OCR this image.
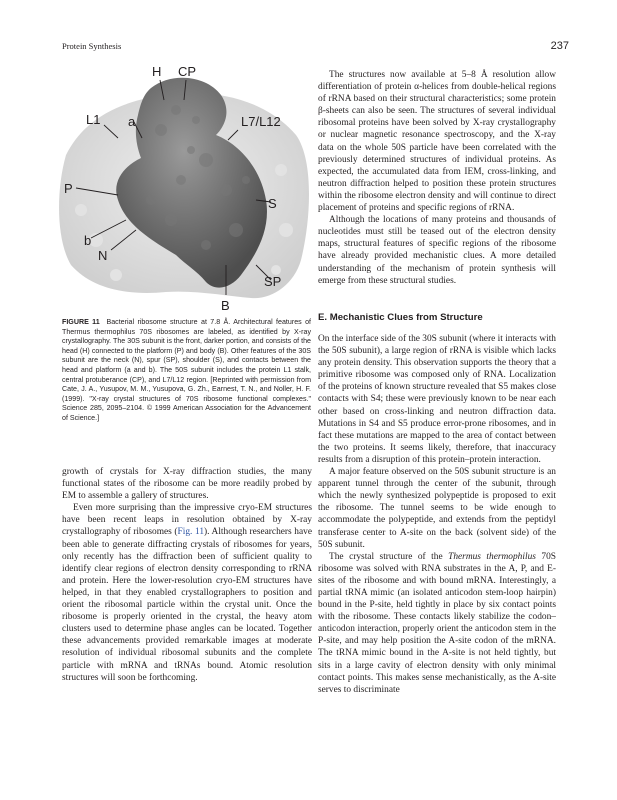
Protein Synthesis	237
H CP
L1 a	L7/L12
P
S
b
N
SP
B
FIGURE 11 Bacterial ribosome structure at 7.8 Å. Architectural features of Thermus thermophilus 70S ribosomes are labeled, as identified by X-ray crystallography. The 30S subunit is the front, darker portion, and consists of the head (H) connected to the platform (P) and body (B). Other features of the 30S subunit are the neck (N), spur (SP), shoulder (S), and contacts between the head and platform (a and b). The 50S subunit includes the protein L1 stalk, central protuberance (CP), and L7/L12 region. [Reprinted with permission from Cate, J. A., Yusupov, M. M., Yusupova, G. Zh., Earnest, T. N., and Noller, H. F. (1999). "X-ray crystal structures of 70S ribosome functional complexes." Science 285, 2095–2104. © 1999 American Association for the Advancement of Science.]

growth of crystals for X-ray diffraction studies, the many functional states of the ribosome can be more readily probed by EM to assemble a gallery of structures.

Even more surprising than the impressive cryo-EM structures have been recent leaps in resolution obtained by X-ray crystallography of ribosomes (Fig. 11). Although researchers have been able to generate diffracting crystals of ribosomes for years, only recently has the diffraction been of sufficient quality to identify clear regions of electron density corresponding to rRNA and protein. Here the lower-resolution cryo-EM structures have helped, in that they enabled crystallographers to position and orient the ribosomal particle within the crystal unit. Once the ribosome is properly oriented in the crystal, the heavy atom clusters used to determine phase angles can be located. Together these advancements provided remarkable images at moderate resolution of individual ribosomal subunits and the complete particle with mRNA and tRNAs bound. Atomic resolution structures will soon be forthcoming.

The structures now available at 5–8 Å resolution allow differentiation of protein α-helices from double-helical regions of rRNA based on their structural characteristics; some protein β-sheets can also be seen. The structures of several individual ribosomal proteins have been solved by X-ray crystallography or nuclear magnetic resonance spectroscopy, and the X-ray data on the whole 50S particle have been correlated with the previously determined structures of individual proteins. As expected, the accumulated data from IEM, cross-linking, and neutron diffraction helped to position these protein structures within the ribosome electron density and will continue to direct placement of proteins and specific regions of rRNA.

Although the locations of many proteins and thousands of nucleotides must still be teased out of the electron density maps, structural features of specific regions of the ribosome have already provided mechanistic clues. A more detailed understanding of the mechanism of protein synthesis will emerge from these structural studies.

E. Mechanistic Clues from Structure

On the interface side of the 30S subunit (where it interacts with the 50S subunit), a large region of rRNA is visible which lacks any protein density. This observation supports the theory that a primitive ribosome was composed only of RNA. Localization of the proteins of known structure revealed that S5 makes close contacts with S4; these were previously known to be near each other based on cross-linking and neutron diffraction data. Mutations in S4 and S5 produce error-prone ribosomes, and in fact these mutations are mapped to the area of contact between the two proteins. It seems likely, therefore, that inaccuracy results from a disruption of this protein–protein interaction.

A major feature observed on the 50S subunit structure is an apparent tunnel through the center of the subunit, through which the newly synthesized polypeptide is proposed to exit the ribosome. The tunnel seems to be wide enough to accommodate the polypeptide, and extends from the peptidyl transferase center to A-site on the back (solvent side) of the 50S subunit.

The crystal structure of the Thermus thermophilus 70S ribosome was solved with RNA substrates in the A, P, and E-sites of the ribosome and with bound mRNA. Interestingly, a partial tRNA mimic (an isolated anticodon stem-loop hairpin) bound in the P-site, held tightly in place by six contact points with the ribosome. These contacts likely stabilize the codon–anticodon interaction, properly orient the anticodon stem in the P-site, and may help position the A-site codon of the mRNA. The tRNA mimic bound in the A-site is not held tightly, but sits in a large cavity of electron density with only minimal contact points. This makes sense mechanistically, as the A-site serves to discriminate
